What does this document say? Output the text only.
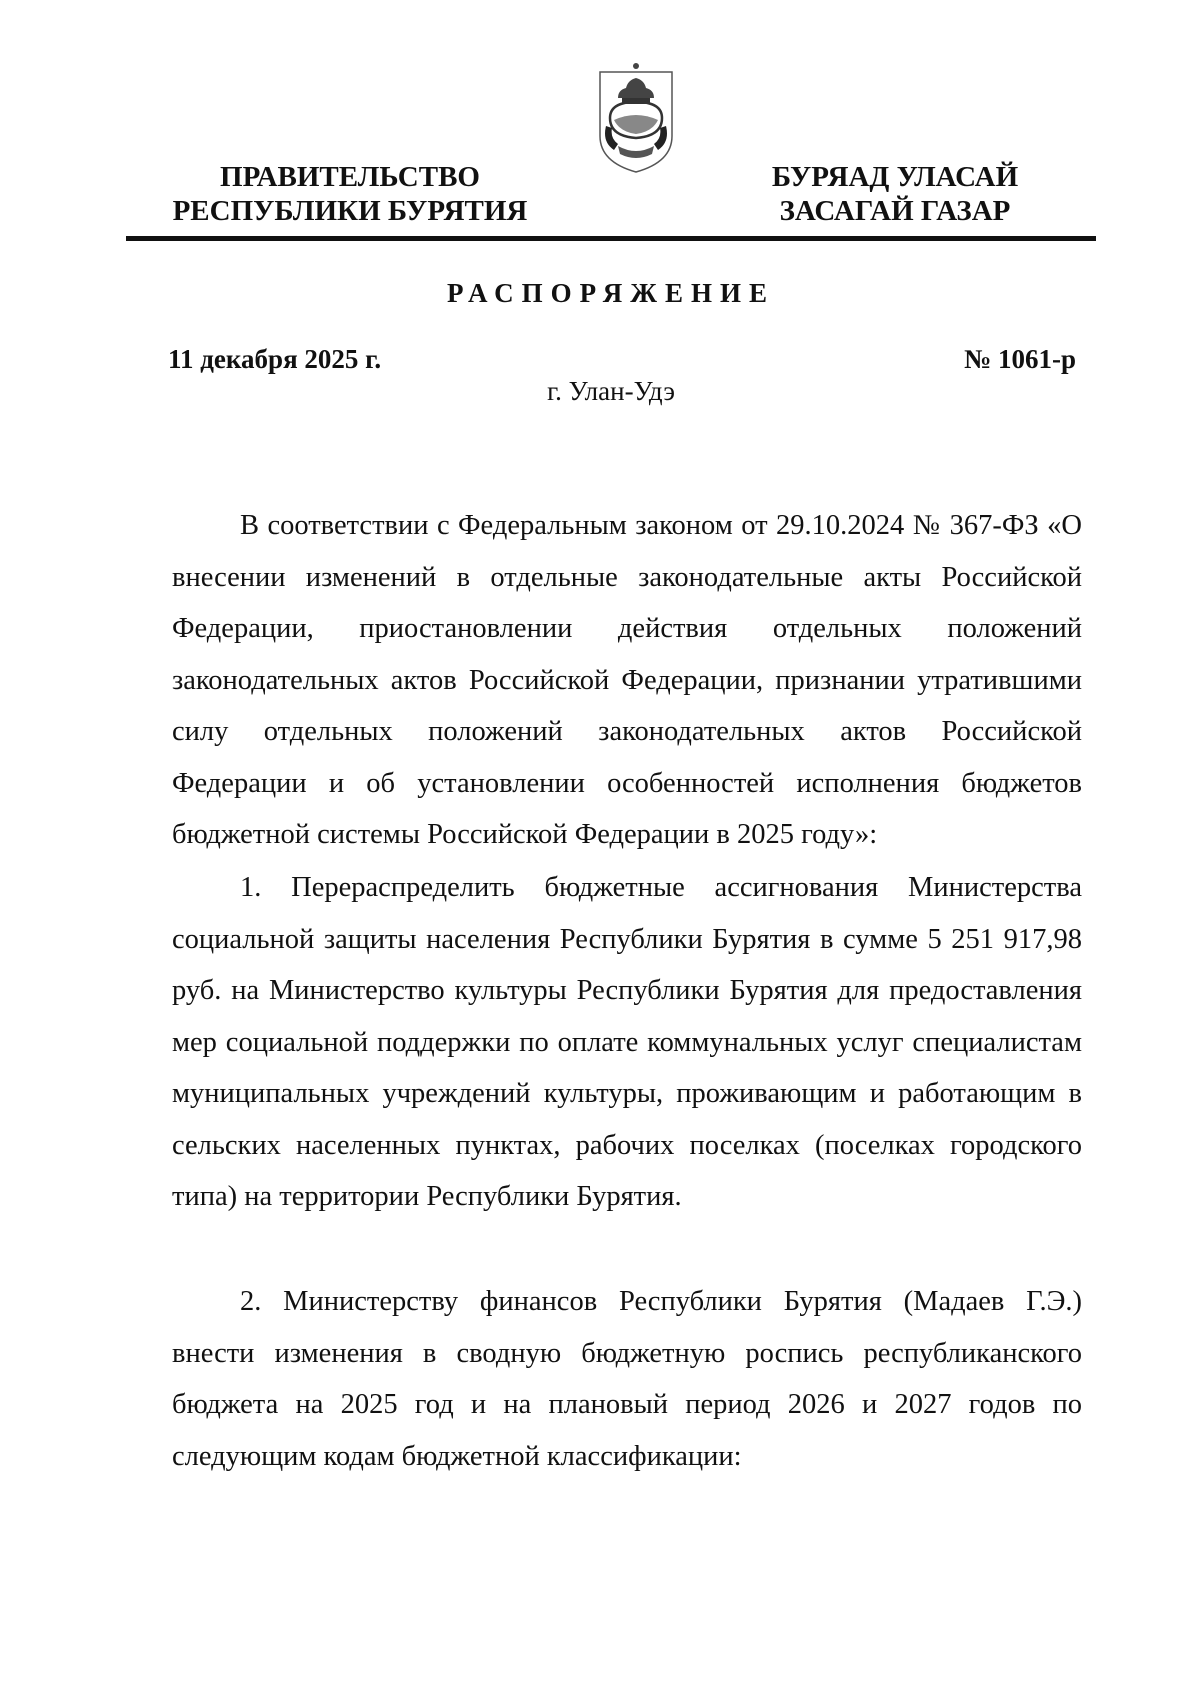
ПРАВИТЕЛЬСТВО
РЕСПУБЛИКИ БУРЯТИЯ
БУРЯАД УЛАСАЙ
ЗАСАГАЙ ГАЗАР
РАСПОРЯЖЕНИЕ
11 декабря 2025 г.	№ 1061-р
г. Улан-Удэ

В соответствии с Федеральным законом от 29.10.2024 № 367-ФЗ «О внесении изменений в отдельные законодательные акты Российской Федерации, приостановлении действия отдельных положений законодательных актов Российской Федерации, признании утратившими силу отдельных положений законодательных актов Российской Федерации и об установлении особенностей исполнения бюджетов бюджетной системы Российской Федерации в 2025 году»:

1. Перераспределить бюджетные ассигнования Министерства социальной защиты населения Республики Бурятия в сумме 5 251 917,98 руб. на Министерство культуры Республики Бурятия для предоставления мер социальной поддержки по оплате коммунальных услуг специалистам муниципальных учреждений культуры, проживающим и работающим в сельских населенных пунктах, рабочих поселках (поселках городского типа) на территории Республики Бурятия.

2. Министерству финансов Республики Бурятия (Мадаев Г.Э.) внести изменения в сводную бюджетную роспись республиканского бюджета на 2025 год и на плановый период 2026 и 2027 годов по следующим кодам бюджетной классификации:
